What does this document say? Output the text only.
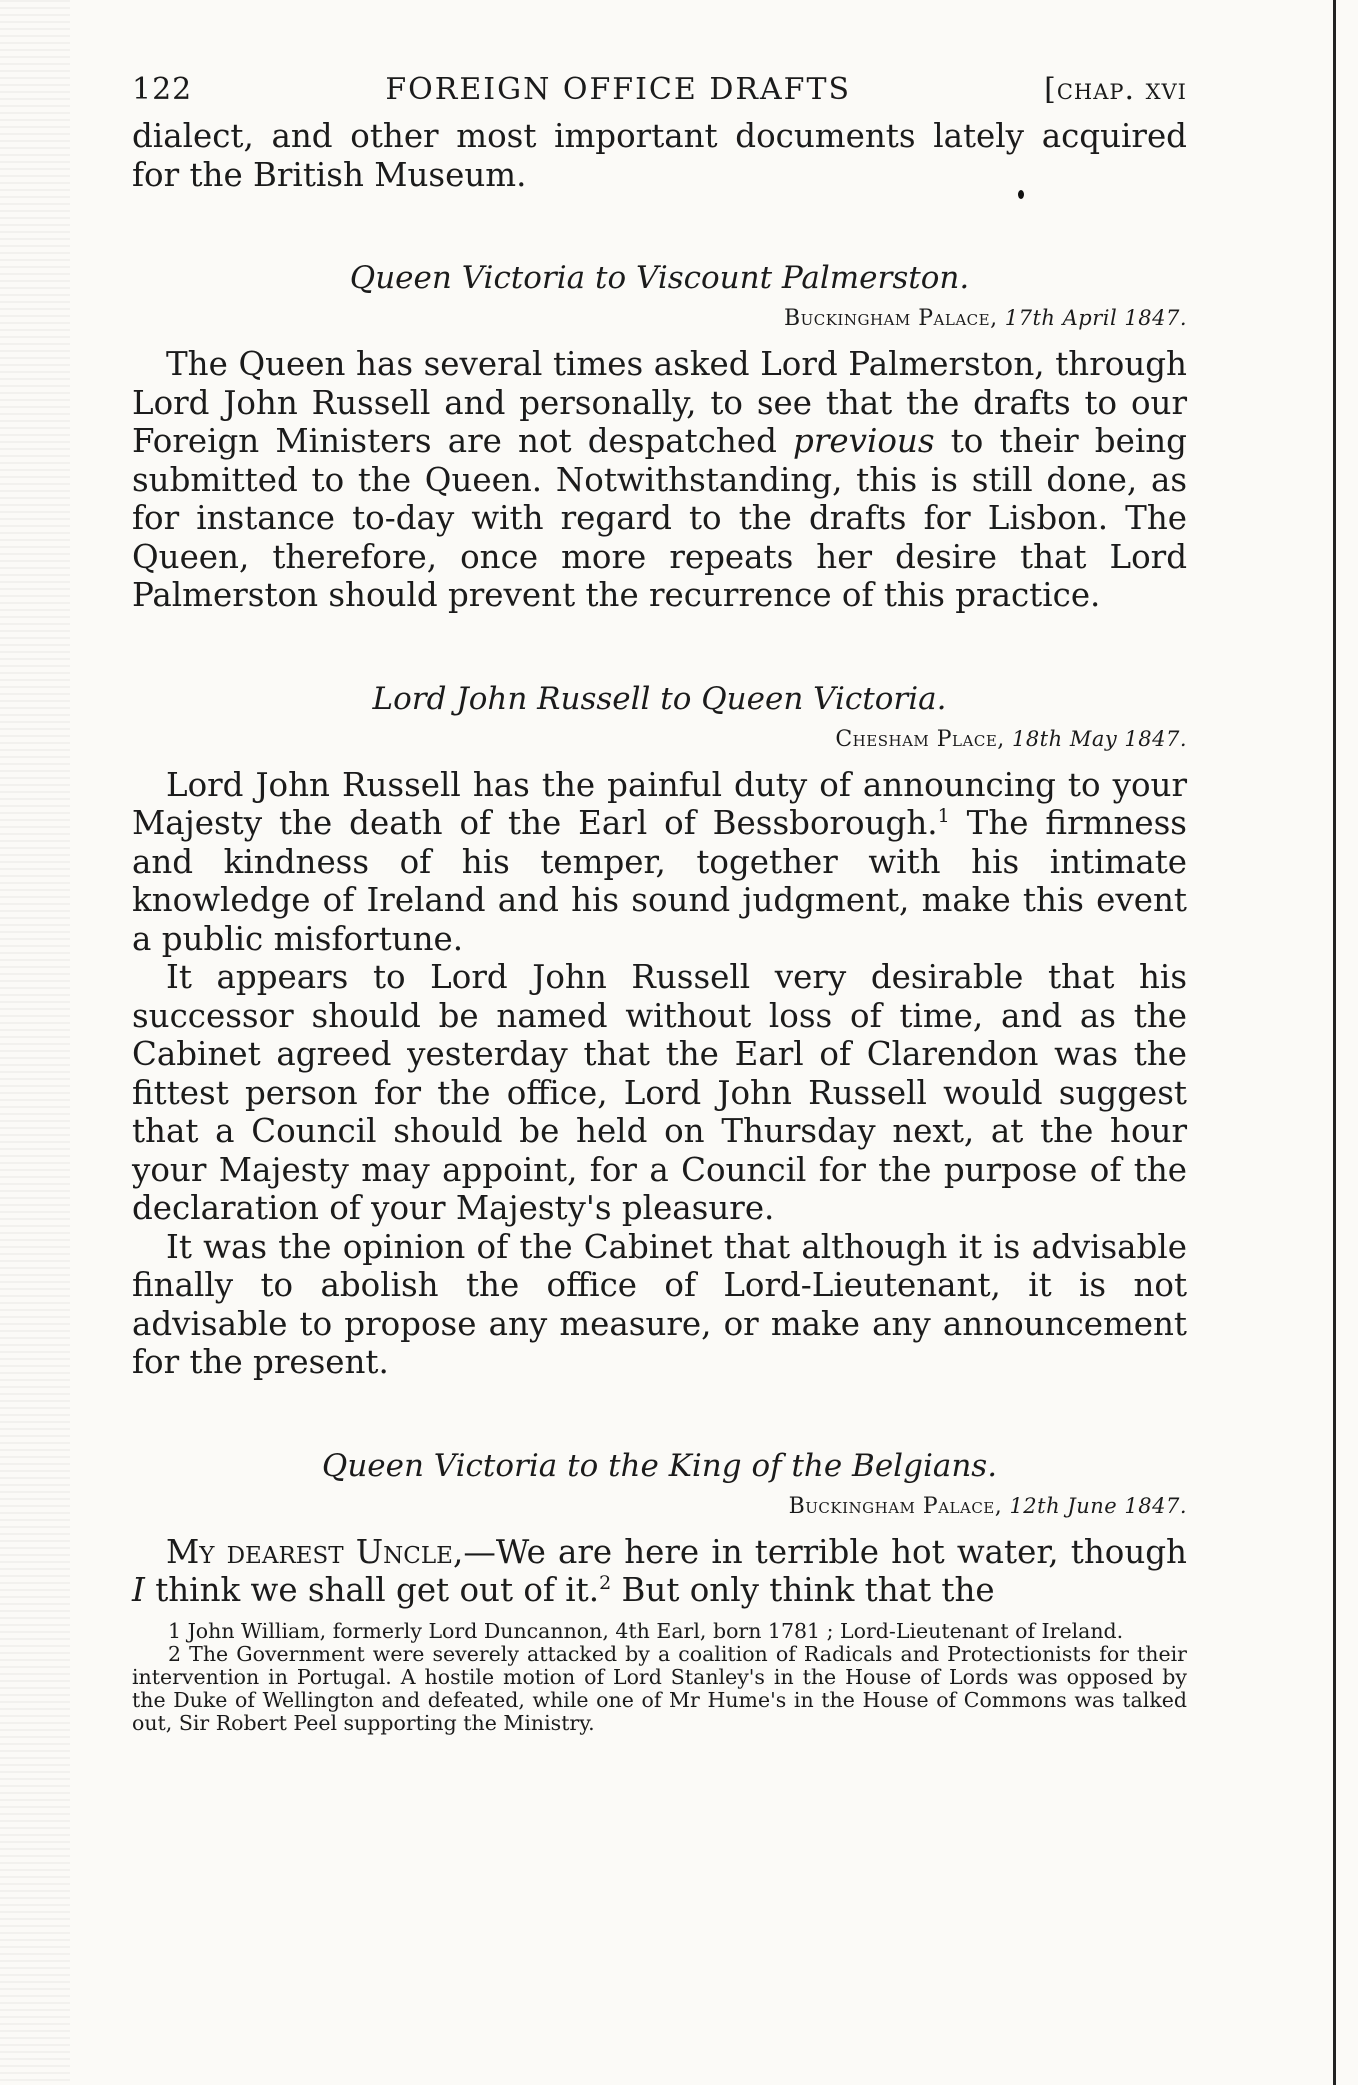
122	FOREIGN OFFICE DRAFTS	[chap. xvi

dialect, and other most important documents lately acquired for the British Museum.

Queen Victoria to Viscount Palmerston.
Buckingham Palace, 17th April 1847.

The Queen has several times asked Lord Palmerston, through Lord John Russell and personally, to see that the drafts to our Foreign Ministers are not despatched previous to their being submitted to the Queen. Notwithstanding, this is still done, as for instance to-day with regard to the drafts for Lisbon. The Queen, therefore, once more repeats her desire that Lord Palmerston should prevent the recurrence of this practice.

Lord John Russell to Queen Victoria.
Chesham Place, 18th May 1847.

Lord John Russell has the painful duty of announcing to your Majesty the death of the Earl of Bessborough.$^1$ The firmness and kindness of his temper, together with his intimate knowledge of Ireland and his sound judgment, make this event a public misfortune.

It appears to Lord John Russell very desirable that his successor should be named without loss of time, and as the Cabinet agreed yesterday that the Earl of Clarendon was the fittest person for the office, Lord John Russell would suggest that a Council should be held on Thursday next, at the hour your Majesty may appoint, for a Council for the purpose of the declaration of your Majesty's pleasure.

It was the opinion of the Cabinet that although it is advisable finally to abolish the office of Lord-Lieutenant, it is not advisable to propose any measure, or make any announcement for the present.

Queen Victoria to the King of the Belgians.
Buckingham Palace, 12th June 1847.

My dearest Uncle,—We are here in terrible hot water, though I think we shall get out of it.$^2$ But only think that the

1 John William, formerly Lord Duncannon, 4th Earl, born 1781 ; Lord-Lieutenant of Ireland.
2 The Government were severely attacked by a coalition of Radicals and Protectionists for their intervention in Portugal. A hostile motion of Lord Stanley's in the House of Lords was opposed by the Duke of Wellington and defeated, while one of Mr Hume's in the House of Commons was talked out, Sir Robert Peel supporting the Ministry.
